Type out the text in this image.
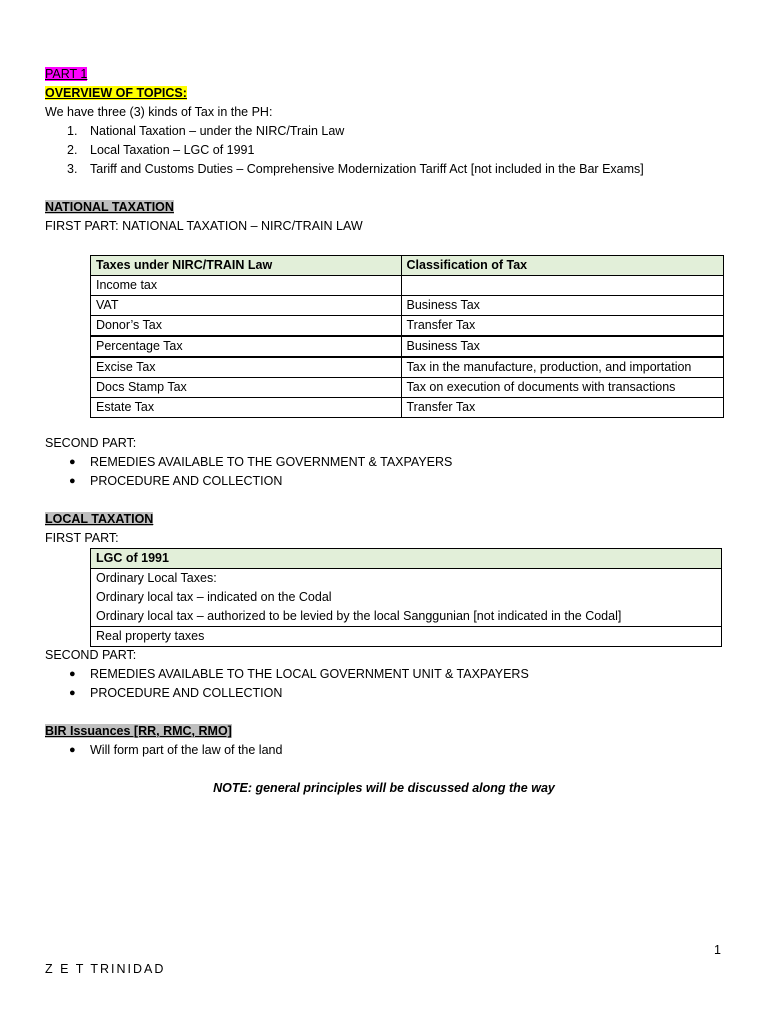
PART 1
OVERVIEW OF TOPICS:
We have three (3) kinds of Tax in the PH:
1. National Taxation – under the NIRC/Train Law
2. Local Taxation – LGC of 1991
3. Tariff and Customs Duties – Comprehensive Modernization Tariff Act [not included in the Bar Exams]
NATIONAL TAXATION
FIRST PART: NATIONAL TAXATION – NIRC/TRAIN LAW
Taxes under NIRC/TRAIN Law	Classification of Tax
Income tax	
VAT	Business Tax
Donor’s Tax	Transfer Tax
Percentage Tax	Business Tax
Excise Tax	Tax in the manufacture, production, and importation
Docs Stamp Tax	Tax on execution of documents with transactions
Estate Tax	Transfer Tax
SECOND PART:
● REMEDIES AVAILABLE TO THE GOVERNMENT & TAXPAYERS
● PROCEDURE AND COLLECTION
LOCAL TAXATION
FIRST PART:
LGC of 1991

Ordinary Local Taxes:
Ordinary local tax – indicated on the Codal
Ordinary local tax – authorized to be levied by the local Sanggunian [not indicated in the Codal]

Real property taxes
SECOND PART:
● REMEDIES AVAILABLE TO THE LOCAL GOVERNMENT UNIT & TAXPAYERS
● PROCEDURE AND COLLECTION
BIR Issuances [RR, RMC, RMO]
● Will form part of the law of the land
NOTE: general principles will be discussed along the way
1
Z E T TRINIDAD
